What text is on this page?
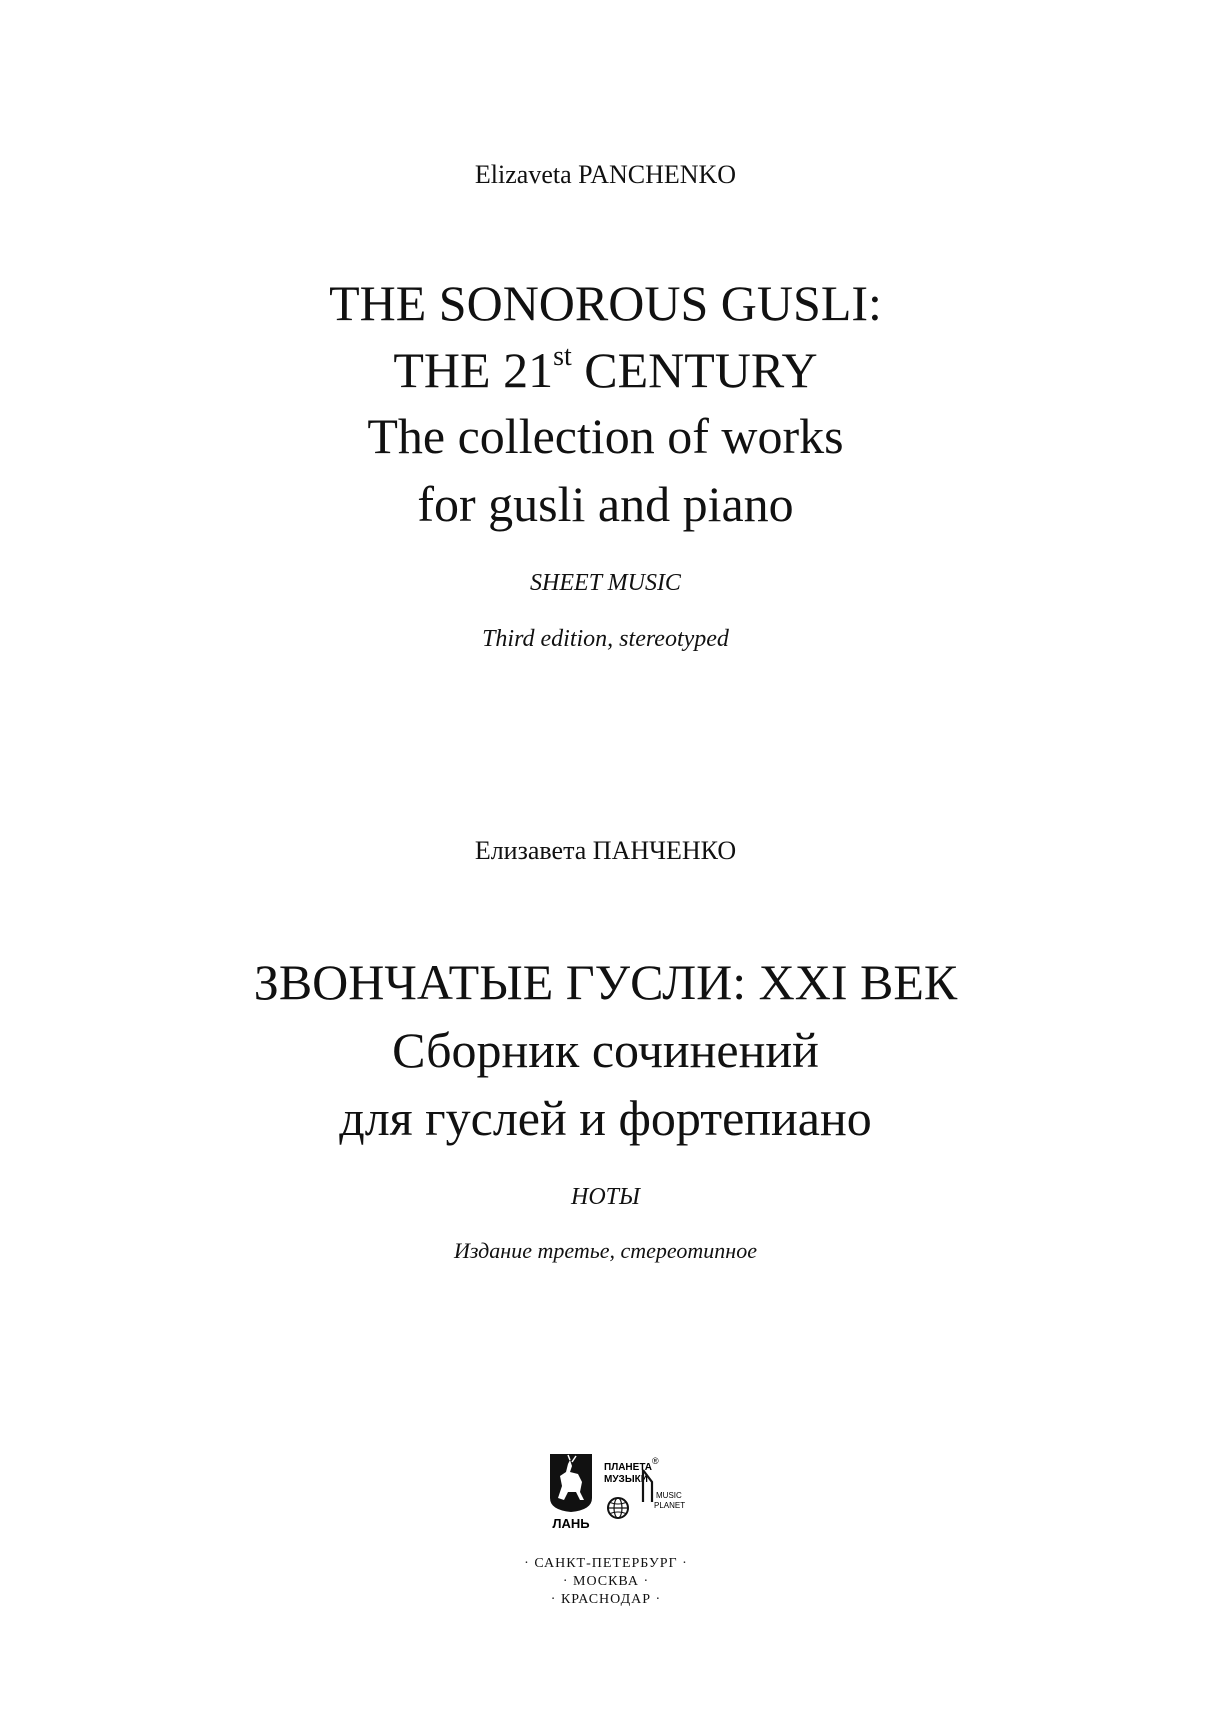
Elizaveta PANCHENKO
THE SONOROUS GUSLI:
THE 21st CENTURY
The collection of works
for gusli and piano
SHEET MUSIC
Third edition, stereotyped
Елизавета ПАНЧЕНКО
ЗВОНЧАТЫЕ ГУСЛИ: XXI ВЕК
Сборник сочинений
для гуслей и фортепиано
НОТЫ
Издание третье, стереотипное
ЛАНЬ
ПЛАНЕТА
МУЗЫКИ
®
MUSIC
PLANET
· САНКТ-ПЕТЕРБУРГ ·
· МОСКВА ·
· КРАСНОДАР ·
